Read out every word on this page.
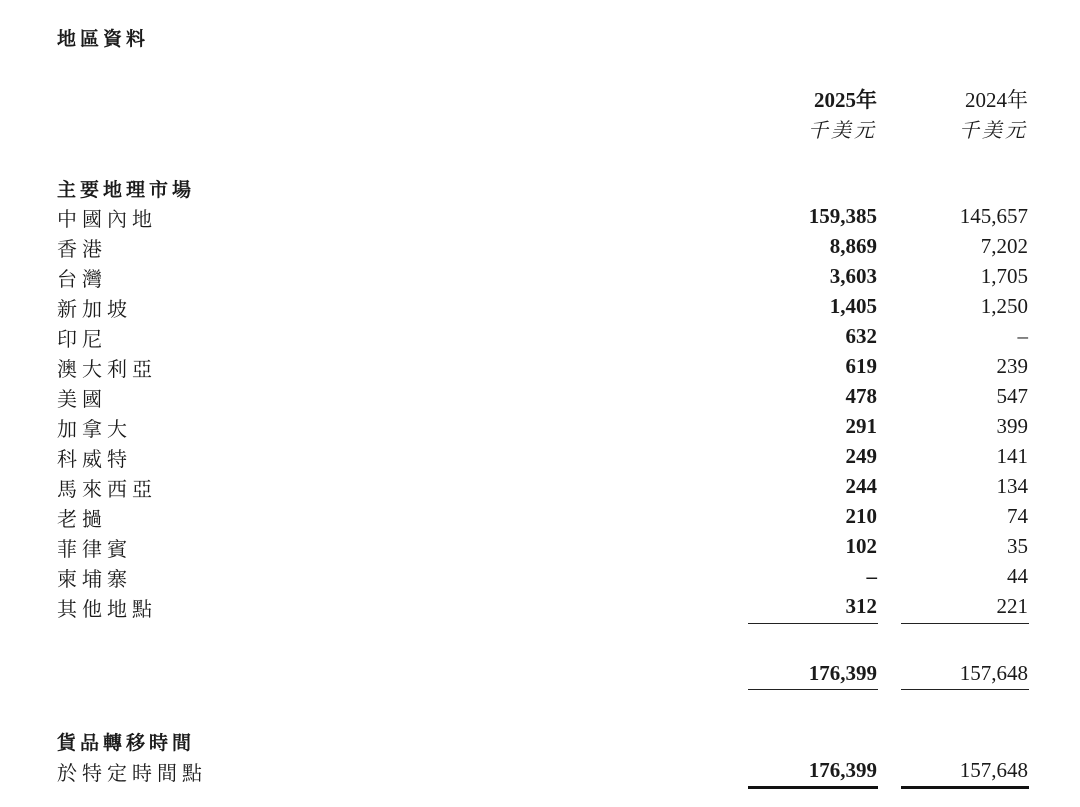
地區資料
2025年	2024年
千美元	千美元
主要地理市場
中國內地	159,385	145,657
香港	8,869	7,202
台灣	3,603	1,705
新加坡	1,405	1,250
印尼	632	–
澳大利亞	619	239
美國	478	547
加拿大	291	399
科威特	249	141
馬來西亞	244	134
老撾	210	74
菲律賓	102	35
柬埔寨	–	44
其他地點	312	221
176,399	157,648
貨品轉移時間
於特定時間點	176,399	157,648
